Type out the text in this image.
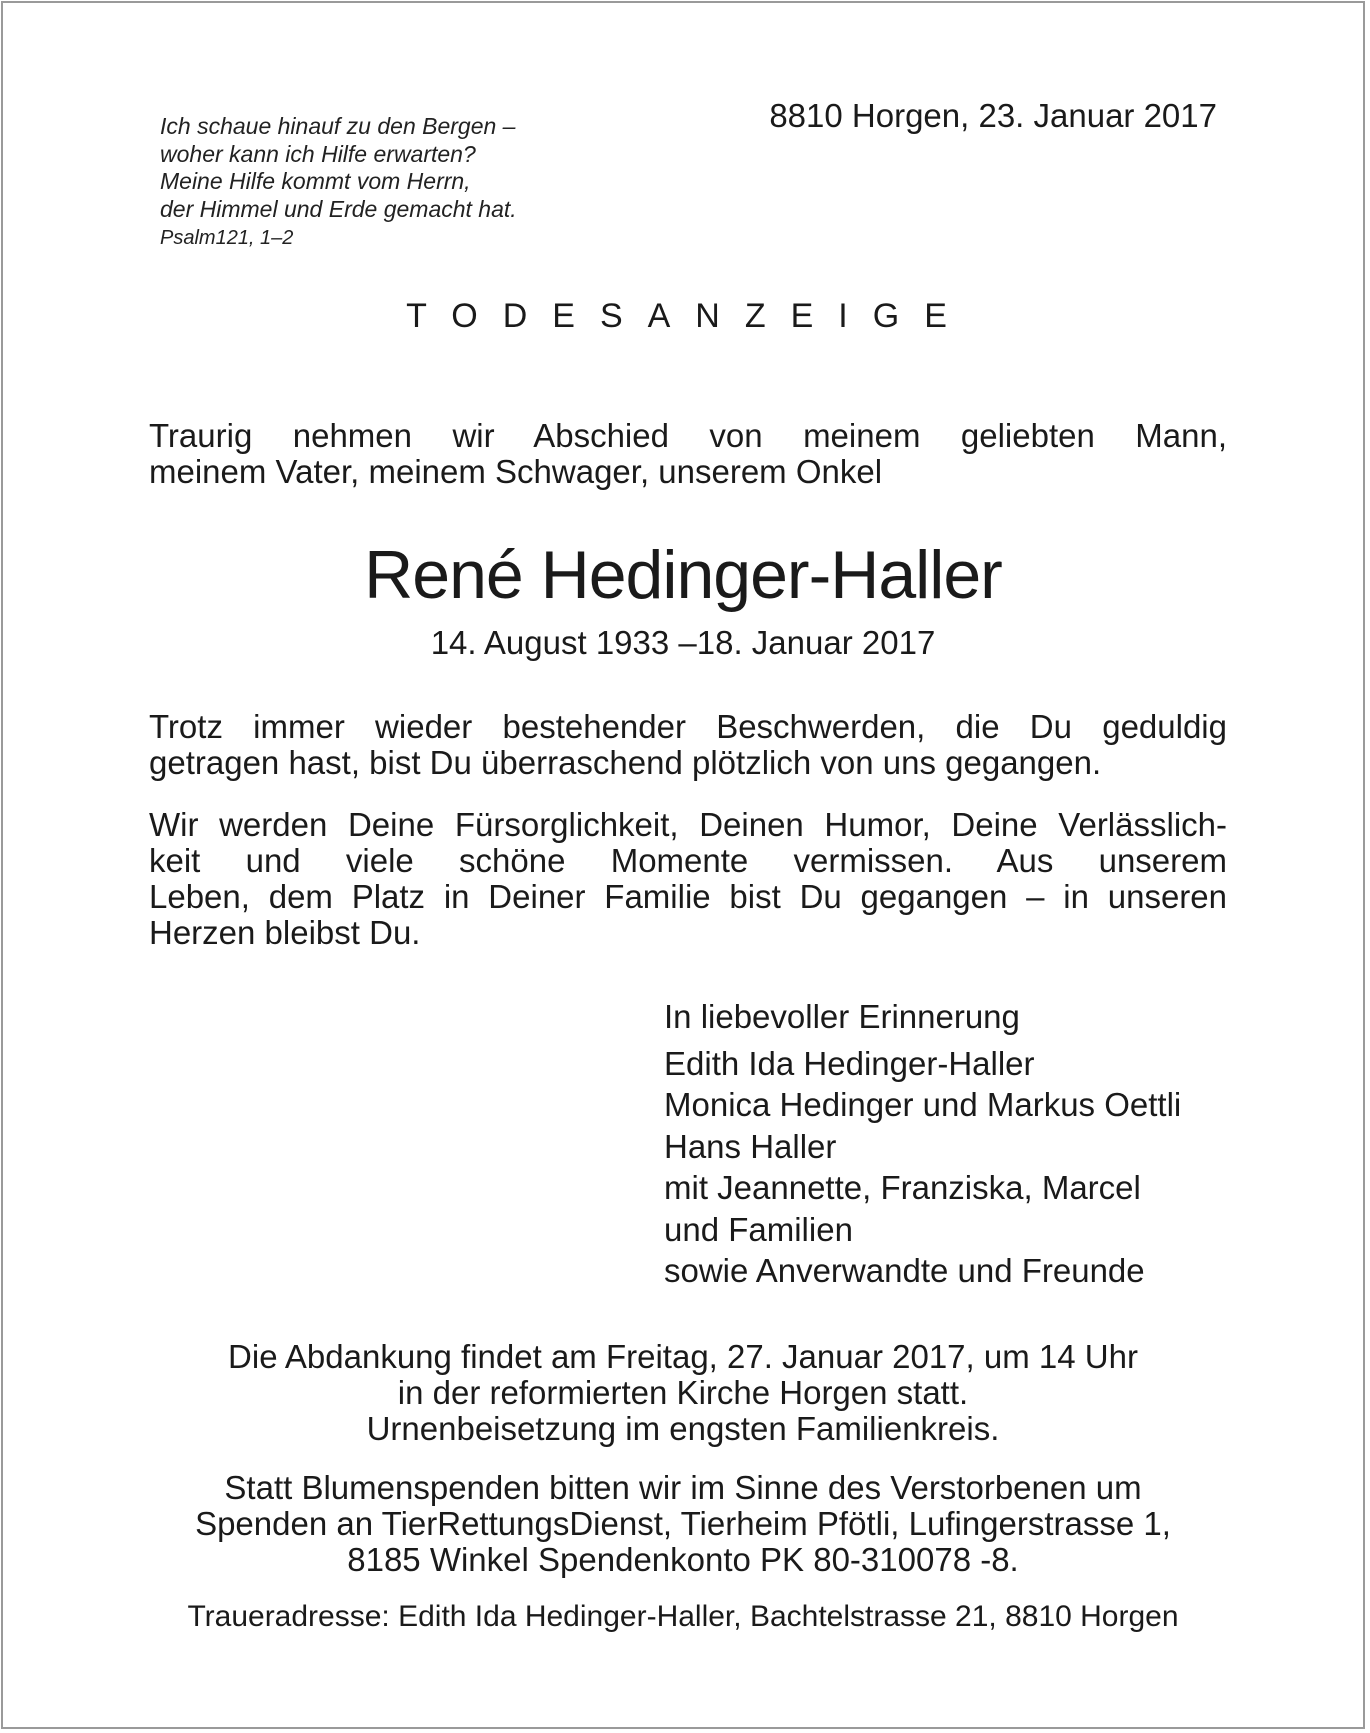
Ich schaue hinauf zu den Bergen –
woher kann ich Hilfe erwarten?
Meine Hilfe kommt vom Herrn,
der Himmel und Erde gemacht hat.
Psalm121, 1–2
8810 Horgen, 23. Januar 2017
TODESANZEIGE
Traurig nehmen wir Abschied von meinem geliebten Mann,
meinem Vater, meinem Schwager, unserem Onkel
René Hedinger-Haller
14. August 1933 –18. Januar 2017
Trotz immer wieder bestehender Beschwerden, die Du geduldig
getragen hast, bist Du überraschend plötzlich von uns gegangen.
Wir werden Deine Fürsorglichkeit, Deinen Humor, Deine Verlässlich-
keit und viele schöne Momente vermissen. Aus unserem
Leben, dem Platz in Deiner Familie bist Du gegangen – in unseren
Herzen bleibst Du.
In liebevoller Erinnerung
Edith Ida Hedinger-Haller
Monica Hedinger und Markus Oettli
Hans Haller
mit Jeannette, Franziska, Marcel
und Familien
sowie Anverwandte und Freunde
Die Abdankung findet am Freitag, 27. Januar 2017, um 14 Uhr
in der reformierten Kirche Horgen statt.
Urnenbeisetzung im engsten Familienkreis.
Statt Blumenspenden bitten wir im Sinne des Verstorbenen um
Spenden an TierRettungsDienst, Tierheim Pfötli, Lufingerstrasse 1,
8185 Winkel Spendenkonto PK 80-310078 -8.
Traueradresse: Edith Ida Hedinger-Haller, Bachtelstrasse 21, 8810 Horgen
